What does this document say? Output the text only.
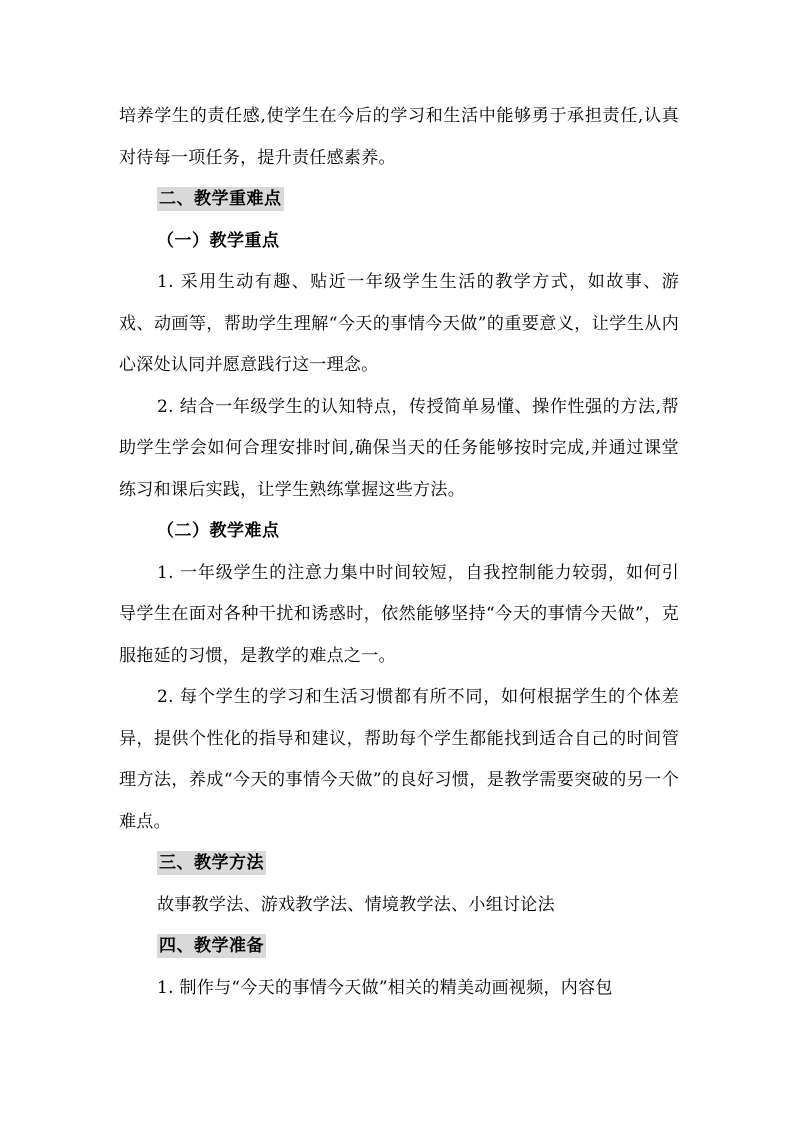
培养学生的责任感,使学生在今后的学习和生活中能够勇于承担责任,认真对待每一项任务，提升责任感素养。

二、教学重难点
（一）教学重点

1. 采用生动有趣、贴近一年级学生生活的教学方式，如故事、游戏、动画等，帮助学生理解“今天的事情今天做”的重要意义，让学生从内心深处认同并愿意践行这一理念。

2. 结合一年级学生的认知特点，传授简单易懂、操作性强的方法,帮助学生学会如何合理安排时间,确保当天的任务能够按时完成,并通过课堂练习和课后实践，让学生熟练掌握这些方法。

（二）教学难点

1. 一年级学生的注意力集中时间较短，自我控制能力较弱，如何引导学生在面对各种干扰和诱惑时，依然能够坚持“今天的事情今天做”，克服拖延的习惯，是教学的难点之一。

2. 每个学生的学习和生活习惯都有所不同，如何根据学生的个体差异，提供个性化的指导和建议，帮助每个学生都能找到适合自己的时间管理方法，养成“今天的事情今天做”的良好习惯，是教学需要突破的另一个难点。

三、教学方法

故事教学法、游戏教学法、情境教学法、小组讨论法

四、教学准备

1. 制作与“今天的事情今天做”相关的精美动画视频，内容包
